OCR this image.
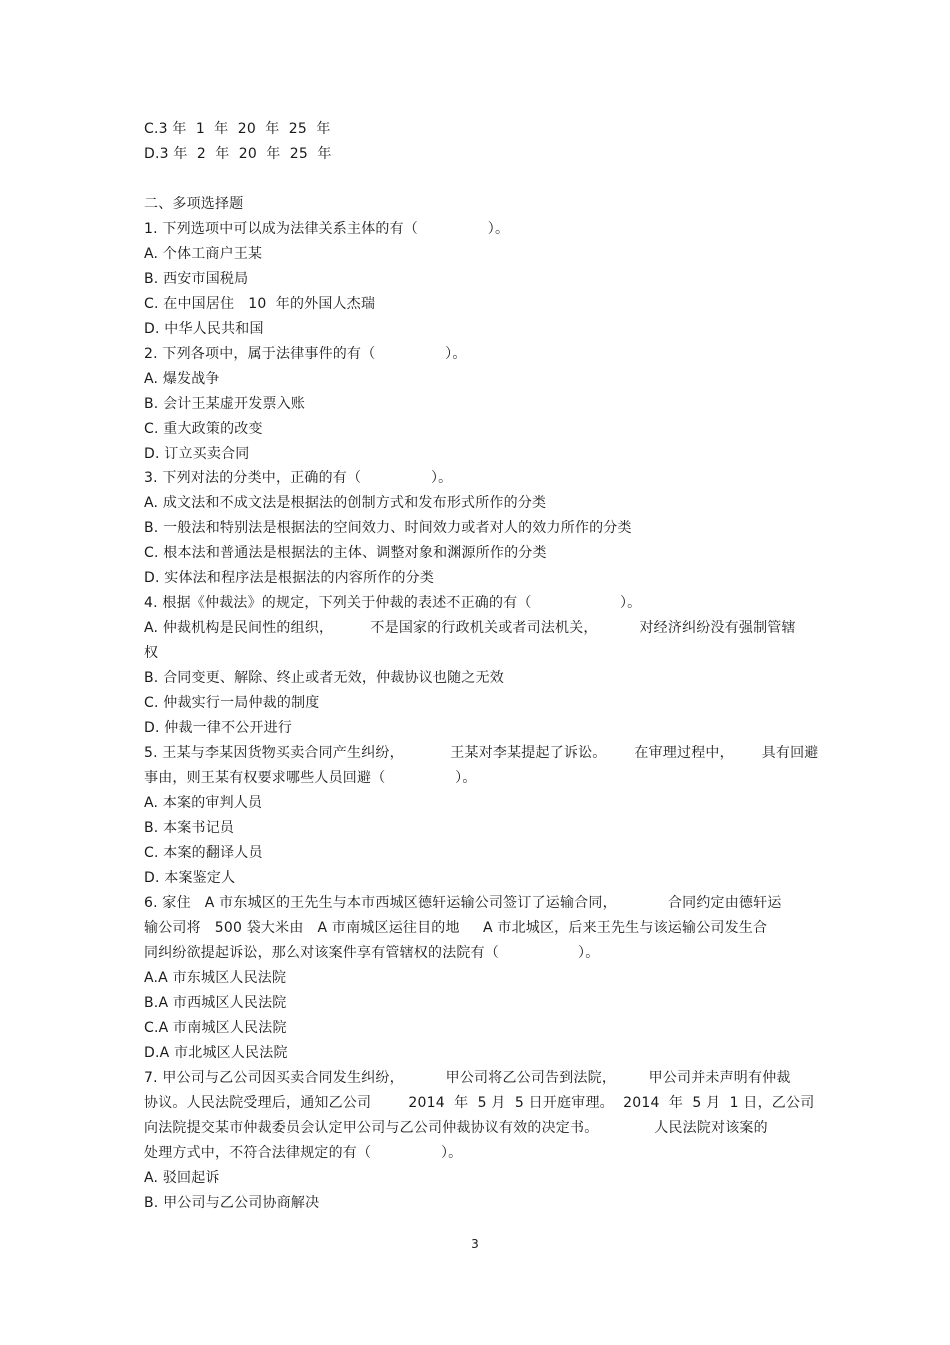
C.3 年  1  年  20  年  25  年
D.3 年  2  年  20  年  25  年
二、多项选择题
1. 下列选项中可以成为法律关系主体的有（               ）。
A. 个体工商户王某
B. 西安市国税局
C. 在中国居住   10  年的外国人杰瑞
D. 中华人民共和国
2. 下列各项中，属于法律事件的有（               ）。
A. 爆发战争
B. 会计王某虚开发票入账
C. 重大政策的改变
D. 订立买卖合同
3. 下列对法的分类中，正确的有（               ）。
A. 成文法和不成文法是根据法的创制方式和发布形式所作的分类
B. 一般法和特别法是根据法的空间效力、时间效力或者对人的效力所作的分类
C. 根本法和普通法是根据法的主体、调整对象和渊源所作的分类
D. 实体法和程序法是根据法的内容所作的分类
4. 根据《仲裁法》的规定，下列关于仲裁的表述不正确的有（                   ）。
A. 仲裁机构是民间性的组织，        不是国家的行政机关或者司法机关，         对经济纠纷没有强制管辖
权
B. 合同变更、解除、终止或者无效，仲裁协议也随之无效
C. 仲裁实行一局仲裁的制度
D. 仲裁一律不公开进行
5. 王某与李某因货物买卖合同产生纠纷，          王某对李某提起了诉讼。      在审理过程中，      具有回避
事由，则王某有权要求哪些人员回避（               ）。
A. 本案的审判人员
B. 本案书记员
C. 本案的翻译人员
D. 本案鉴定人
6. 家住   A 市东城区的王先生与本市西城区德轩运输公司签订了运输合同，           合同约定由德轩运
输公司将   500 袋大米由   A 市南城区运往目的地     A 市北城区，后来王先生与该运输公司发生合
同纠纷欲提起诉讼，那么对该案件享有管辖权的法院有（                 ）。
A.A 市东城区人民法院
B.A 市西城区人民法院
C.A 市南城区人民法院
D.A 市北城区人民法院
7. 甲公司与乙公司因买卖合同发生纠纷，         甲公司将乙公司告到法院，       甲公司并未声明有仲裁
协议。人民法院受理后，通知乙公司        2014  年  5 月  5 日开庭审理。  2014  年  5 月  1 日，乙公司
向法院提交某市仲裁委员会认定甲公司与乙公司仲裁协议有效的决定书。            人民法院对该案的
处理方式中，不符合法律规定的有（               ）。
A. 驳回起诉
B. 甲公司与乙公司协商解决
3
